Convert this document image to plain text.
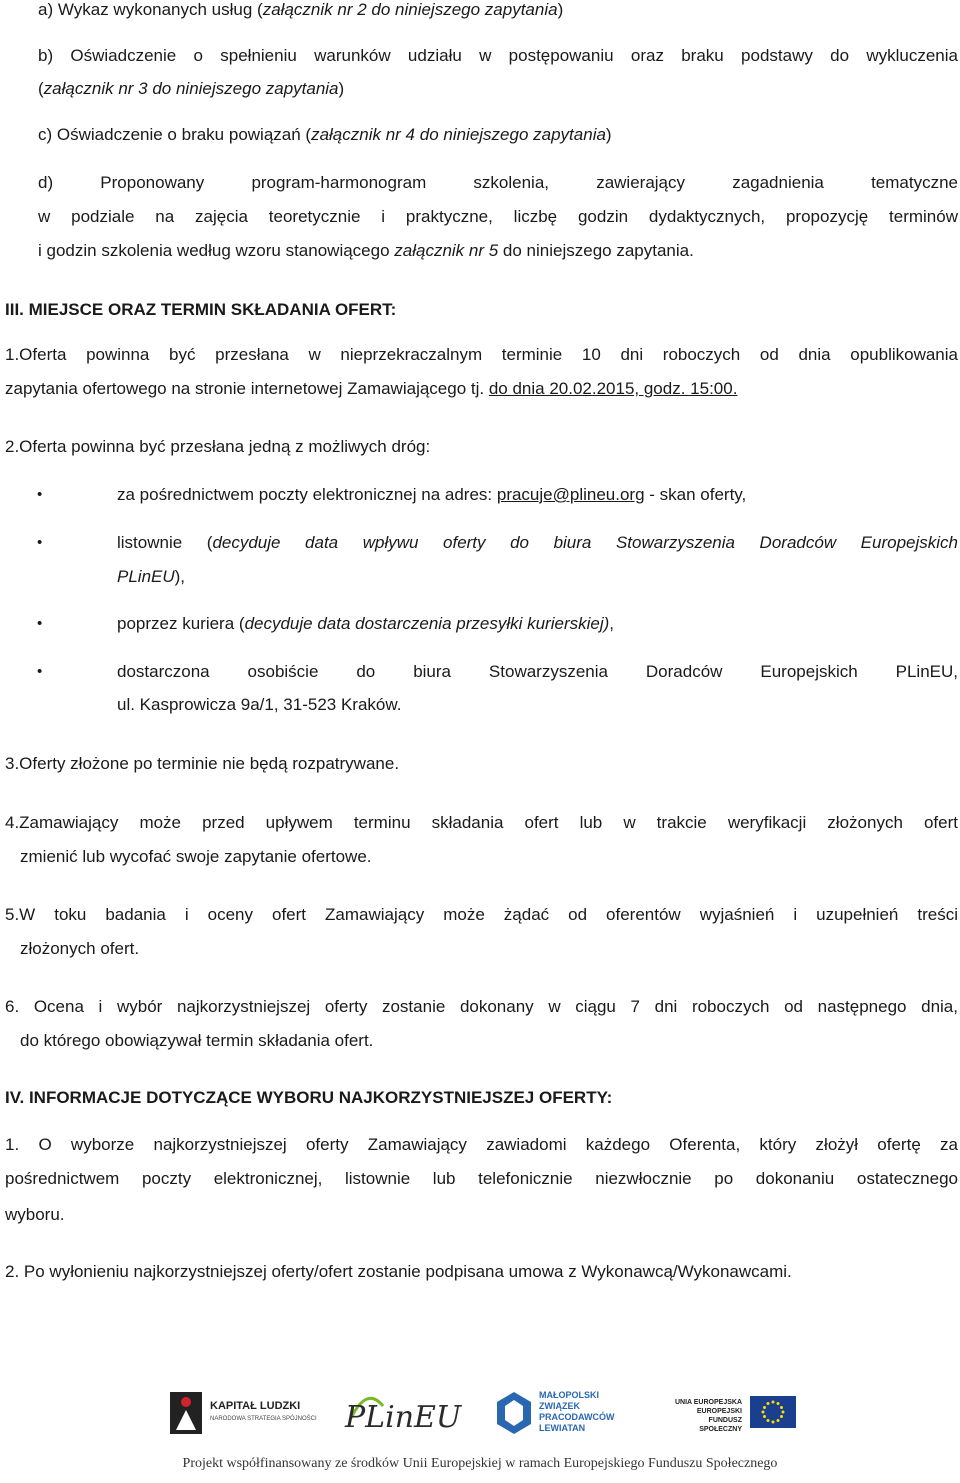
a) Wykaz wykonanych usług (załącznik nr 2 do niniejszego zapytania)
b) Oświadczenie o spełnieniu warunków udziału w postępowaniu oraz braku podstawy do wykluczenia
(załącznik nr 3 do niniejszego zapytania)
c) Oświadczenie o braku powiązań (załącznik nr 4 do niniejszego zapytania)
d) Proponowany program-harmonogram szkolenia, zawierający zagadnienia tematyczne
w podziale na zajęcia teoretycznie i praktyczne, liczbę godzin dydaktycznych, propozycję terminów
i godzin szkolenia według wzoru stanowiącego załącznik nr 5 do niniejszego zapytania.
III. MIEJSCE ORAZ TERMIN SKŁADANIA OFERT:
1.Oferta powinna być przesłana w nieprzekraczalnym terminie 10 dni roboczych od dnia opublikowania
zapytania ofertowego na stronie internetowej Zamawiającego tj. do dnia 20.02.2015, godz. 15:00.
2.Oferta powinna być przesłana jedną z możliwych dróg:
•	za pośrednictwem poczty elektronicznej na adres: pracuje@plineu.org - skan oferty,
•	listownie (decyduje data wpływu oferty do biura Stowarzyszenia Doradców Europejskich
PLinEU),
•	poprzez kuriera (decyduje data dostarczenia przesyłki kurierskiej),
•	dostarczona osobiście do biura Stowarzyszenia Doradców Europejskich PLinEU,
ul. Kasprowicza 9a/1, 31-523 Kraków.
3.Oferty złożone po terminie nie będą rozpatrywane.
4.Zamawiający może przed upływem terminu składania ofert lub w trakcie weryfikacji złożonych ofert
zmienić lub wycofać swoje zapytanie ofertowe.
5.W toku badania i oceny ofert Zamawiający może żądać od oferentów wyjaśnień i uzupełnień treści
złożonych ofert.
6. Ocena i wybór najkorzystniejszej oferty zostanie dokonany w ciągu 7 dni roboczych od następnego dnia,
do którego obowiązywał termin składania ofert.
IV. INFORMACJE DOTYCZĄCE WYBORU NAJKORZYSTNIEJSZEJ OFERTY:
1. O wyborze najkorzystniejszej oferty Zamawiający zawiadomi każdego Oferenta, który złożył ofertę za
pośrednictwem poczty elektronicznej, listownie lub telefonicznie niezwłocznie po dokonaniu ostatecznego
wyboru.
2. Po wyłonieniu najkorzystniejszej oferty/ofert zostanie podpisana umowa z Wykonawcą/Wykonawcami.
KAPITAŁ LUDZKI
NARODOWA STRATEGIA SPÓJNOŚCI PLinEU
MAŁOPOLSKI
ZWIĄZEK
PRACODAWCÓW
LEWIATAN
UNIA EUROPEJSKA
EUROPEJSKI
FUNDUSZ SPOŁECZNY
Projekt współfinansowany ze środków Unii Europejskiej w ramach Europejskiego Funduszu Społecznego
